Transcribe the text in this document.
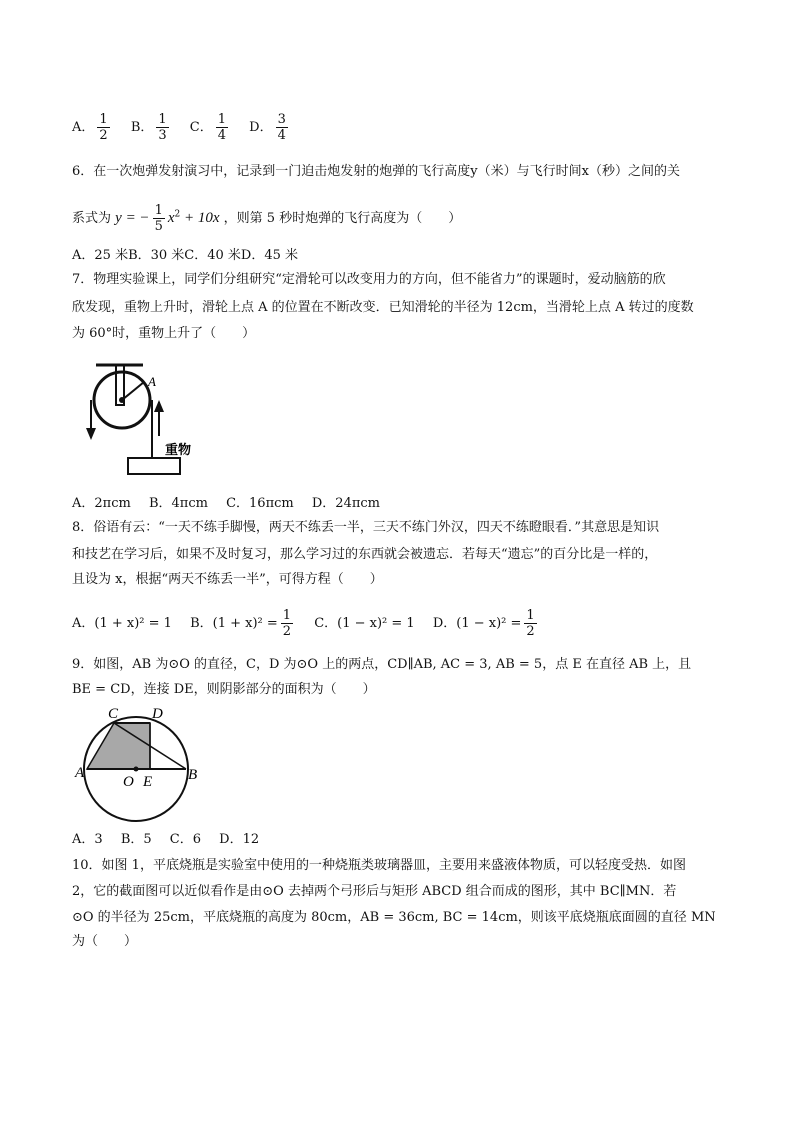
A． $\frac{1}{2}$ B． $\frac{1}{3}$ C． $\frac{1}{4}$ D． $\frac{3}{4}$
6．在一次炮弹发射演习中，记录到一门迫击炮发射的炮弹的飞行高度y（米）与飞行时间x（秒）之间的关
系式为 y = − $\frac{1}{5} x^2 + 10x$ ，则第 5 秒时炮弹的飞行高度为（　　）
A．25 米B．30 米C．40 米D．45 米
7．物理实验课上，同学们分组研究“定滑轮可以改变用力的方向，但不能省力”的课题时，爱动脑筋的欣
欣发现，重物上升时，滑轮上点 A 的位置在不断改变．已知滑轮的半径为 12cm，当滑轮上点 A 转过的度数
为 60°时，重物上升了（　　）
A
重物
A．2πcm B．4πcm C．16πcm D．24πcm
8．俗语有云：“一天不练手脚慢，两天不练丢一半，三天不练门外汉，四天不练瞪眼看．”其意思是知识
和技艺在学习后，如果不及时复习，那么学习过的东西就会被遗忘．若每天“遗忘”的百分比是一样的，
且设为 x，根据“两天不练丢一半”，可得方程（　　）
A．(1 + x)² = 1 B．$(1 + x)^2 = \frac{1}{2}$ C．(1 − x)² = 1 D．$(1 - x)^2 = \frac{1}{2}$
9．如图，AB 为⊙O 的直径，C，D 为⊙O 上的两点，CD∥AB, AC = 3, AB = 5，点 E 在直径 AB 上，且
BE = CD，连接 DE，则阴影部分的面积为（　　）
C D
A	B
O E
A．3 B．5 C．6 D．12
10．如图 1，平底烧瓶是实验室中使用的一种烧瓶类玻璃器皿，主要用来盛液体物质，可以轻度受热．如图
2，它的截面图可以近似看作是由⊙O 去掉两个弓形后与矩形 ABCD 组合而成的图形，其中 BC∥MN．若
⊙O 的半径为 25cm，平底烧瓶的高度为 80cm，AB = 36cm, BC = 14cm，则该平底烧瓶底面圆的直径 MN
为（　　）
